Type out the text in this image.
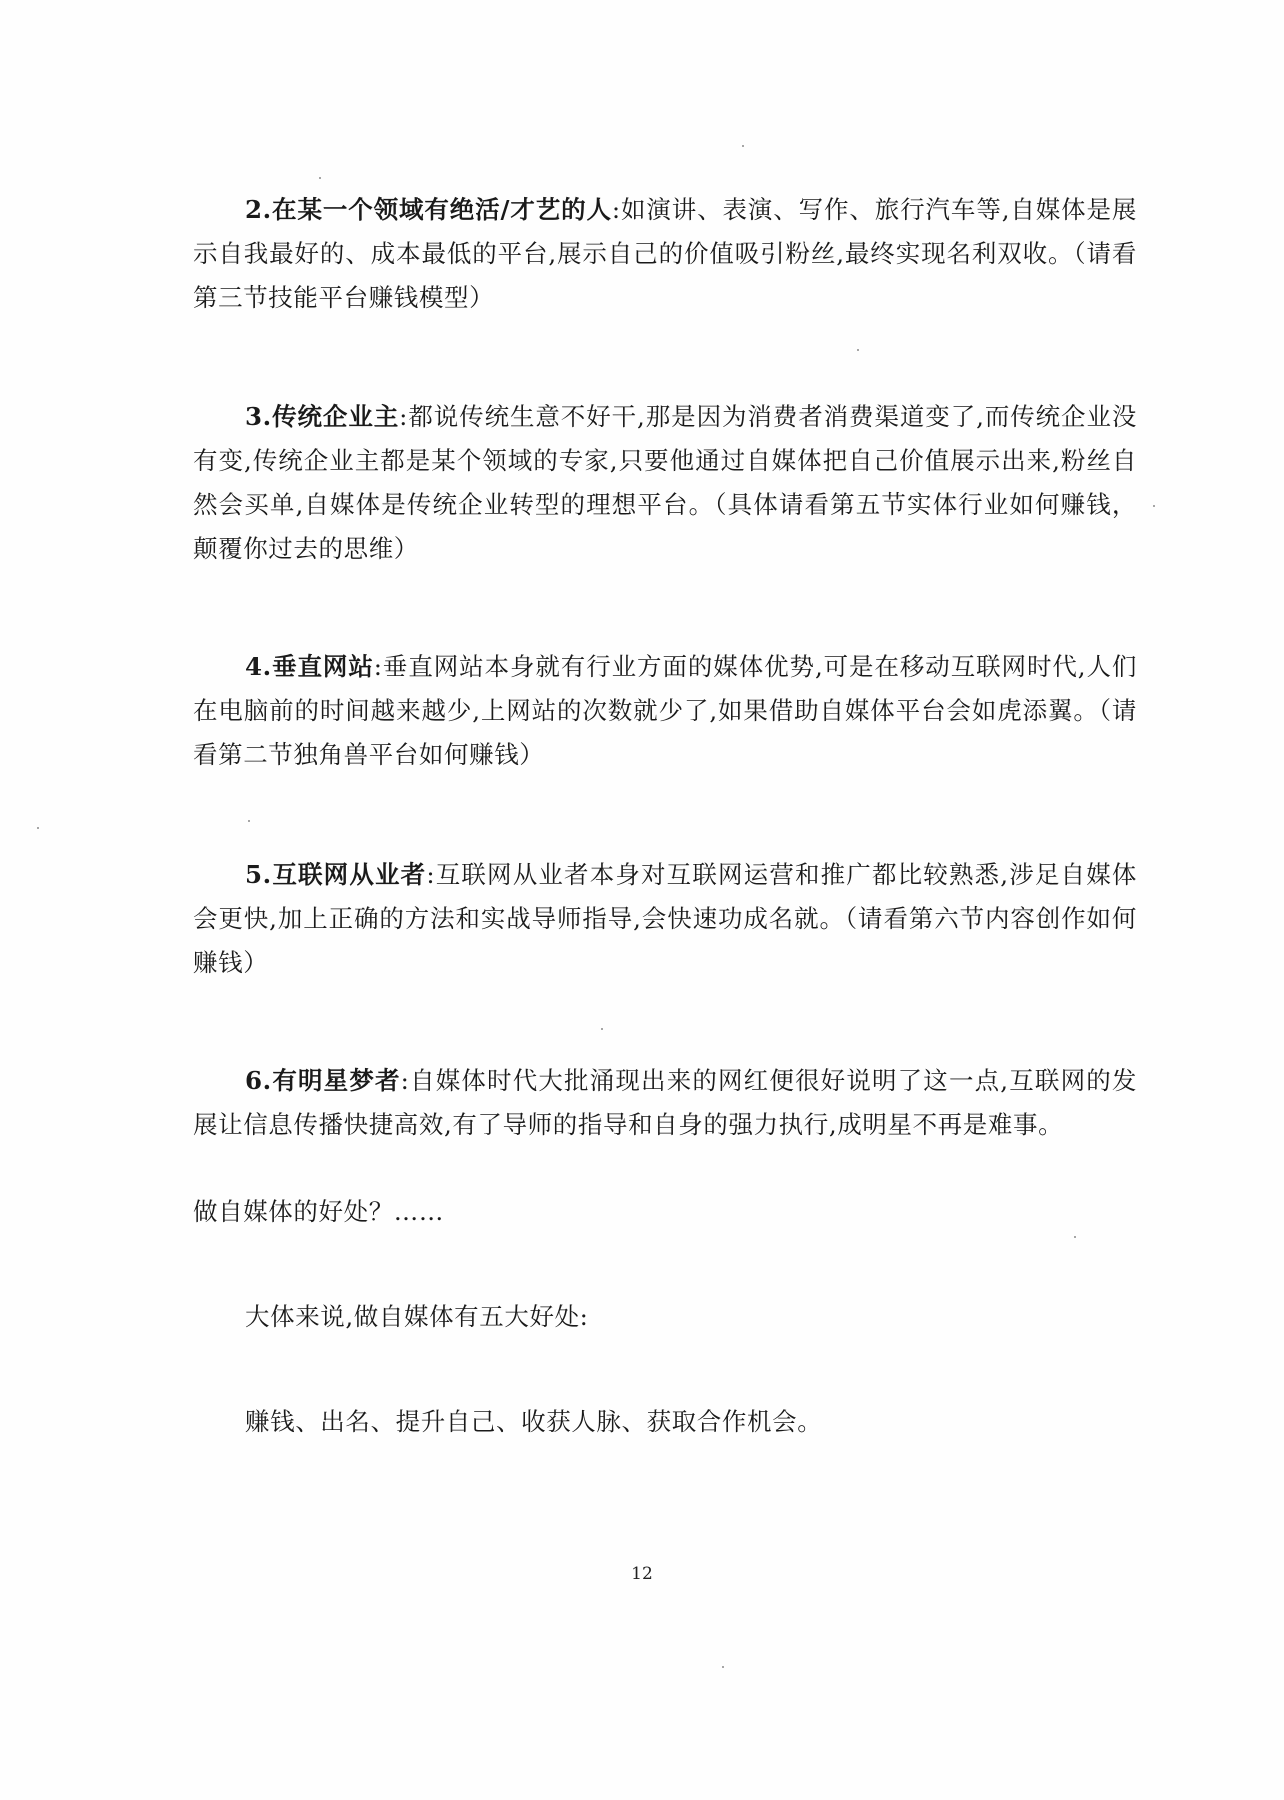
2.在某一个领域有绝活/才艺的人:如演讲、表演、写作、旅行汽车等,自媒体是展示自我最好的、成本最低的平台,展示自己的价值吸引粉丝,最终实现名利双收。（请看第三节技能平台赚钱模型）

3.传统企业主:都说传统生意不好干,那是因为消费者消费渠道变了,而传统企业没有变,传统企业主都是某个领域的专家,只要他通过自媒体把自己价值展示出来,粉丝自然会买单,自媒体是传统企业转型的理想平台。（具体请看第五节实体行业如何赚钱，颠覆你过去的思维）

4.垂直网站:垂直网站本身就有行业方面的媒体优势,可是在移动互联网时代,人们在电脑前的时间越来越少,上网站的次数就少了,如果借助自媒体平台会如虎添翼。（请看第二节独角兽平台如何赚钱）

5.互联网从业者:互联网从业者本身对互联网运营和推广都比较熟悉,涉足自媒体会更快,加上正确的方法和实战导师指导,会快速功成名就。（请看第六节内容创作如何赚钱）

6.有明星梦者:自媒体时代大批涌现出来的网红便很好说明了这一点,互联网的发展让信息传播快捷高效,有了导师的指导和自身的强力执行,成明星不再是难事。

做自媒体的好处？……

大体来说,做自媒体有五大好处:

赚钱、出名、提升自己、收获人脉、获取合作机会。

12
